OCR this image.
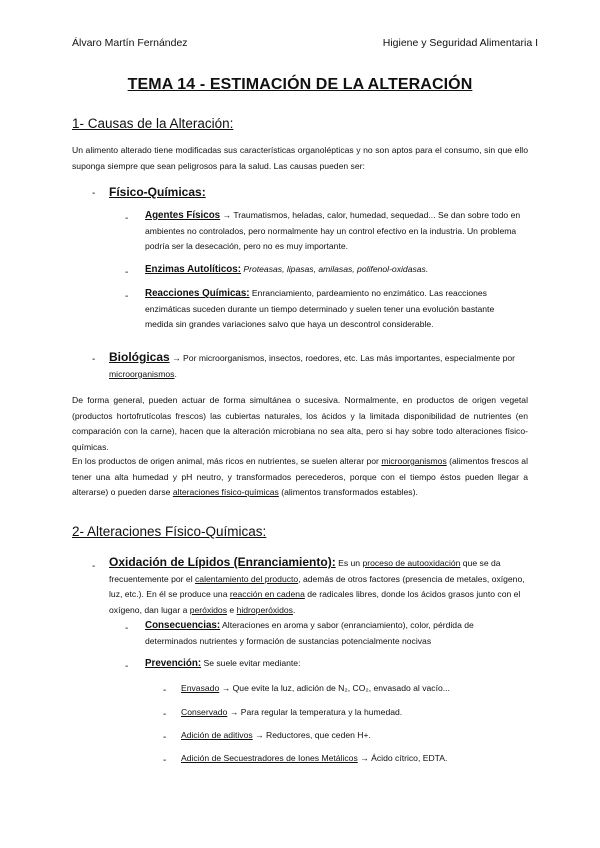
Álvaro Martín Fernández	Higiene y Seguridad Alimentaria I
TEMA 14 - ESTIMACIÓN DE LA ALTERACIÓN
1- Causas de la Alteración:
Un alimento alterado tiene modificadas sus características organolépticas y no son aptos para el consumo, sin que ello suponga siempre que sean peligrosos para la salud. Las causas pueden ser:
- Físico-Químicas:
- Agentes Físicos → Traumatismos, heladas, calor, humedad, sequedad... Se dan sobre todo en ambientes no controlados, pero normalmente hay un control efectivo en la industria. Un problema podría ser la desecación, pero no es muy importante.
- Enzimas Autolíticos: Proteasas, lipasas, amilasas, polifenol-oxidasas.
- Reacciones Químicas: Enranciamiento, pardeamiento no enzimático. Las reacciones enzimáticas suceden durante un tiempo determinado y suelen tener una evolución bastante medida sin grandes variaciones salvo que haya un descontrol considerable.
- Biológicas → Por microorganismos, insectos, roedores, etc. Las más importantes, especialmente por microorganismos.
De forma general, pueden actuar de forma simultánea o sucesiva. Normalmente, en productos de origen vegetal (productos hortofrutícolas frescos) las cubiertas naturales, los ácidos y la limitada disponibilidad de nutrientes (en comparación con la carne), hacen que la alteración microbiana no sea alta, pero si hay sobre todo alteraciones físico-químicas.
En los productos de origen animal, más ricos en nutrientes, se suelen alterar por microorganismos (alimentos frescos al tener una alta humedad y pH neutro, y transformados perecederos, porque con el tiempo éstos pueden llegar a alterarse) o pueden darse alteraciones físico-químicas (alimentos transformados estables).
2- Alteraciones Físico-Químicas:
- Oxidación de Lípidos (Enranciamiento): Es un proceso de autooxidación que se da frecuentemente por el calentamiento del producto, además de otros factores (presencia de metales, oxígeno, luz, etc.). En él se produce una reacción en cadena de radicales libres, donde los ácidos grasos junto con el oxígeno, dan lugar a peróxidos e hidroperóxidos.
- Consecuencias: Alteraciones en aroma y sabor (enranciamiento), color, pérdida de determinados nutrientes y formación de sustancias potencialmente nocivas
- Prevención: Se suele evitar mediante:
- Envasado → Que evite la luz, adición de N₂, CO₂, envasado al vacío...
- Conservado → Para regular la temperatura y la humedad.
- Adición de aditivos → Reductores, que ceden H+.
- Adición de Secuestradores de Iones Metálicos → Ácido cítrico, EDTA.
